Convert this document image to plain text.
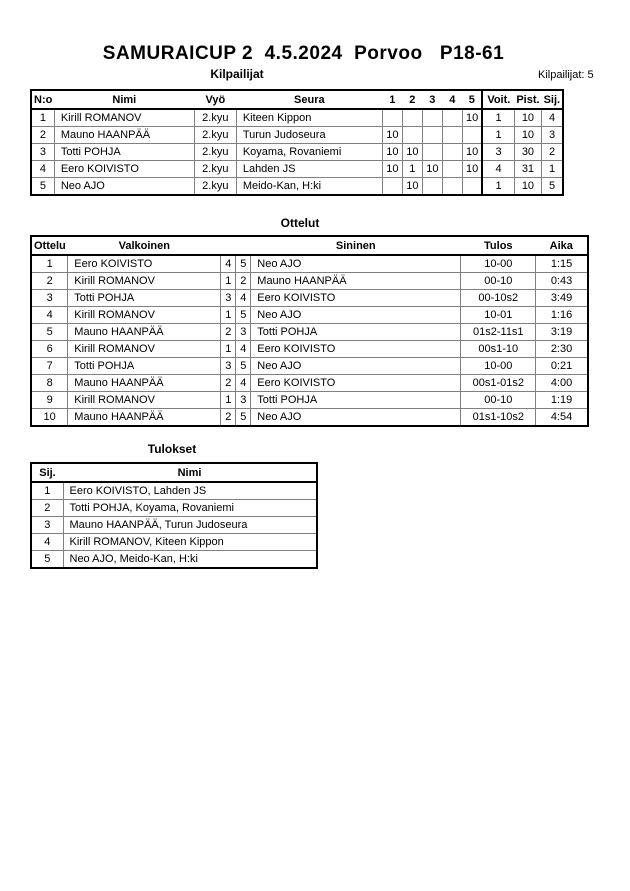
SAMURAICUP 2  4.5.2024  Porvoo   P18-61
Kilpailijat	Kilpailijat: 5
N:o	Nimi	Vyö	Seura	1	2	3	4	5	Voit.	Pist.	Sij.
1	Kirill ROMANOV	2.kyu	Kiteen Kippon					10	1	10	4
2	Mauno HAANPÄÄ	2.kyu	Turun Judoseura	10					1	10	3
3	Totti POHJA	2.kyu	Koyama, Rovaniemi	10	10			10	3	30	2
4	Eero KOIVISTO	2.kyu	Lahden JS	10	1	10		10	4	31	1
5	Neo AJO	2.kyu	Meido-Kan, H:ki		10				1	10	5
Ottelut
Ottelu	Valkoinen			Sininen	Tulos	Aika
1	Eero KOIVISTO	4	5	Neo AJO	10-00	1:15
2	Kirill ROMANOV	1	2	Mauno HAANPÄÄ	00-10	0:43
3	Totti POHJA	3	4	Eero KOIVISTO	00-10s2	3:49
4	Kirill ROMANOV	1	5	Neo AJO	10-01	1:16
5	Mauno HAANPÄÄ	2	3	Totti POHJA	01s2-11s1	3:19
6	Kirill ROMANOV	1	4	Eero KOIVISTO	00s1-10	2:30
7	Totti POHJA	3	5	Neo AJO	10-00	0:21
8	Mauno HAANPÄÄ	2	4	Eero KOIVISTO	00s1-01s2	4:00
9	Kirill ROMANOV	1	3	Totti POHJA	00-10	1:19
10	Mauno HAANPÄÄ	2	5	Neo AJO	01s1-10s2	4:54
Tulokset
Sij.	Nimi
1	Eero KOIVISTO, Lahden JS
2	Totti POHJA, Koyama, Rovaniemi
3	Mauno HAANPÄÄ, Turun Judoseura
4	Kirill ROMANOV, Kiteen Kippon
5	Neo AJO, Meido-Kan, H:ki
